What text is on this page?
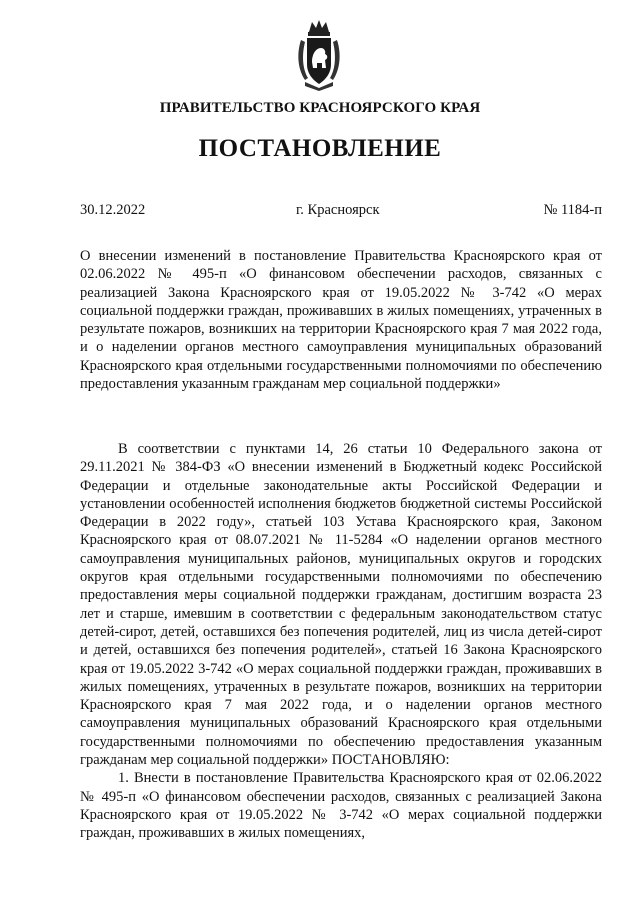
ПРАВИТЕЛЬСТВО КРАСНОЯРСКОГО КРАЯ
ПОСТАНОВЛЕНИЕ
30.12.2022	г. Красноярск	№ 1184-п

О внесении изменений в постановление Правительства Красноярского края от 02.06.2022 № 495-п «О финансовом обеспечении расходов, связанных с реализацией Закона Красноярского края от 19.05.2022 № 3-742 «О мерах социальной поддержки граждан, проживавших в жилых помещениях, утраченных в результате пожаров, возникших на территории Красноярского края 7 мая 2022 года, и о наделении органов местного самоуправления муниципальных образований Красноярского края отдельными государственными полномочиями по обеспечению предоставления указанным гражданам мер социальной поддержки»

В соответствии с пунктами 14, 26 статьи 10 Федерального закона от 29.11.2021 № 384-ФЗ «О внесении изменений в Бюджетный кодекс Российской Федерации и отдельные законодательные акты Российской Федерации и установлении особенностей исполнения бюджетов бюджетной системы Российской Федерации в 2022 году», статьей 103 Устава Красноярского края, Законом Красноярского края от 08.07.2021 № 11-5284 «О наделении органов местного самоуправления муниципальных районов, муниципальных округов и городских округов края отдельными государственными полномочиями по обеспечению предоставления меры социальной поддержки гражданам, достигшим возраста 23 лет и старше, имевшим в соответствии с федеральным законодательством статус детей-сирот, детей, оставшихся без попечения родителей, лиц из числа детей-сирот и детей, оставшихся без попечения родителей», статьей 16 Закона Красноярского края от 19.05.2022 3-742 «О мерах социальной поддержки граждан, проживавших в жилых помещениях, утраченных в результате пожаров, возникших на территории Красноярского края 7 мая 2022 года, и о наделении органов местного самоуправления муниципальных образований Красноярского края отдельными государственными полномочиями по обеспечению предоставления указанным гражданам мер социальной поддержки» ПОСТАНОВЛЯЮ:

1. Внести в постановление Правительства Красноярского края от 02.06.2022 № 495-п «О финансовом обеспечении расходов, связанных с реализацией Закона Красноярского края от 19.05.2022 № 3-742 «О мерах социальной поддержки граждан, проживавших в жилых помещениях,
